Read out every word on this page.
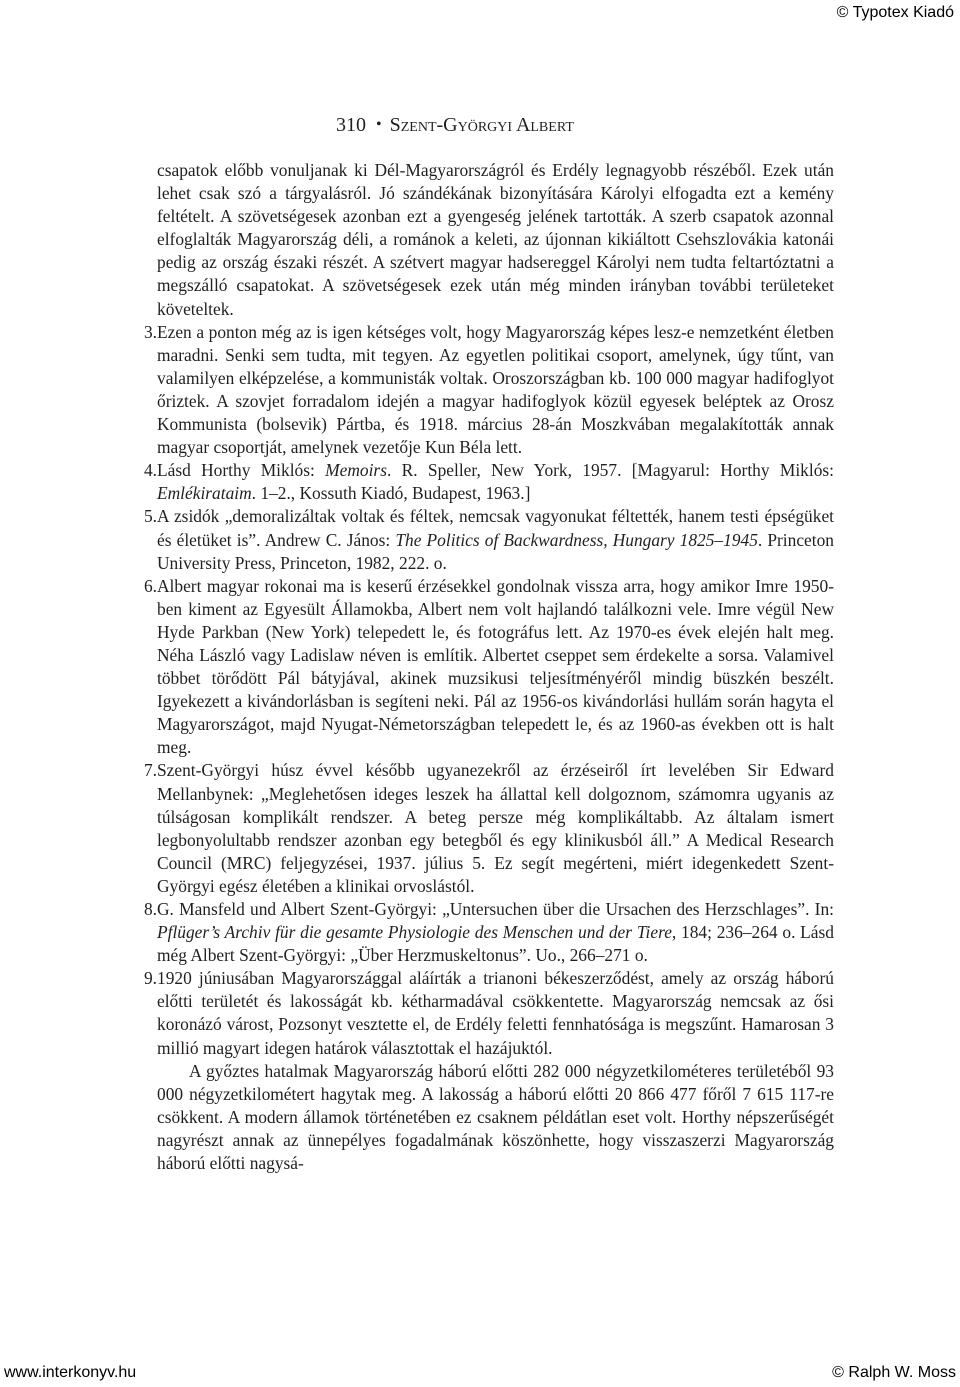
© Typotex Kiadó
310 • Szent-Györgyi Albert

csapatok előbb vonuljanak ki Dél-Magyarországról és Erdély legnagyobb részéből. Ezek után lehet csak szó a tárgyalásról. Jó szándékának bizonyítására Károlyi elfogadta ezt a kemény feltételt. A szövetségesek azonban ezt a gyengeség jelének tartották. A szerb csapatok azonnal elfoglalták Magyarország déli, a románok a keleti, az újonnan kikiáltott Csehszlovákia katonái pedig az ország északi részét. A szétvert magyar hadsereggel Károlyi nem tudta feltartóztatni a megszálló csapatokat. A szövetségesek ezek után még minden irányban további területeket követeltek.

3. Ezen a ponton még az is igen kétséges volt, hogy Magyarország képes lesz-e nemzetként életben maradni. Senki sem tudta, mit tegyen. Az egyetlen politikai csoport, amelynek, úgy tűnt, van valamilyen elképzelése, a kommunisták voltak. Oroszországban kb. 100 000 magyar hadifoglyot őriztek. A szovjet forradalom idején a magyar hadifoglyok közül egyesek beléptek az Orosz Kommunista (bolsevik) Pártba, és 1918. március 28-án Moszkvában megalakították annak magyar csoportját, amelynek vezetője Kun Béla lett.

4. Lásd Horthy Miklós: Memoirs. R. Speller, New York, 1957. [Magyarul: Horthy Miklós: Emlékirataim. 1–2., Kossuth Kiadó, Budapest, 1963.]

5. A zsidók „demoralizáltak voltak és féltek, nemcsak vagyonukat féltették, hanem testi épségüket és életüket is”. Andrew C. János: The Politics of Backwardness, Hungary 1825–1945. Princeton University Press, Princeton, 1982, 222. o.

6. Albert magyar rokonai ma is keserű érzésekkel gondolnak vissza arra, hogy amikor Imre 1950-ben kiment az Egyesült Államokba, Albert nem volt hajlandó találkozni vele. Imre végül New Hyde Parkban (New York) telepedett le, és fotográfus lett. Az 1970-es évek elején halt meg. Néha László vagy Ladislaw néven is említik. Albertet cseppet sem érdekelte a sorsa. Valamivel többet törődött Pál bátyjával, akinek muzsikusi teljesítményéről mindig büszkén beszélt. Igyekezett a kivándorlásban is segíteni neki. Pál az 1956-os kivándorlási hullám során hagyta el Magyarországot, majd Nyugat-Németországban telepedett le, és az 1960-as években ott is halt meg.

7. Szent-Györgyi húsz évvel később ugyanezekről az érzéseiről írt levelében Sir Edward Mellanbynek: „Meglehetősen ideges leszek ha állattal kell dolgoznom, számomra ugyanis az túlságosan komplikált rendszer. A beteg persze még komplikáltabb. Az általam ismert legbonyolultabb rendszer azonban egy betegből és egy klinikusból áll.” A Medical Research Council (MRC) feljegyzései, 1937. július 5. Ez segít megérteni, miért idegenkedett Szent-Györgyi egész életében a klinikai orvoslástól.

8. G. Mansfeld und Albert Szent-Györgyi: „Untersuchen über die Ursachen des Herzschlages”. In: Pflüger’s Archiv für die gesamte Physiologie des Menschen und der Tiere, 184; 236–264 o. Lásd még Albert Szent-Györgyi: „Über Herzmuskeltonus”. Uo., 266–271 o.

9. 1920 júniusában Magyarországgal aláírták a trianoni békeszerződést, amely az ország háború előtti területét és lakosságát kb. kétharmadával csökkentette. Magyarország nemcsak az ősi koronázó várost, Pozsonyt vesztette el, de Erdély feletti fennhatósága is megszűnt. Hamarosan 3 millió magyart idegen határok választottak el hazájuktól.

A győztes hatalmak Magyarország háború előtti 282 000 négyzetkilométeres területéből 93 000 négyzetkilométert hagytak meg. A lakosság a háború előtti 20 866 477 főről 7 615 117-re csökkent. A modern államok történetében ez csaknem példátlan eset volt. Horthy népszerűségét nagyrészt annak az ünnepélyes fogadalmának köszönhette, hogy visszaszerzi Magyarország háború előtti nagysá-

www.interkonyv.hu	© Ralph W. Moss
